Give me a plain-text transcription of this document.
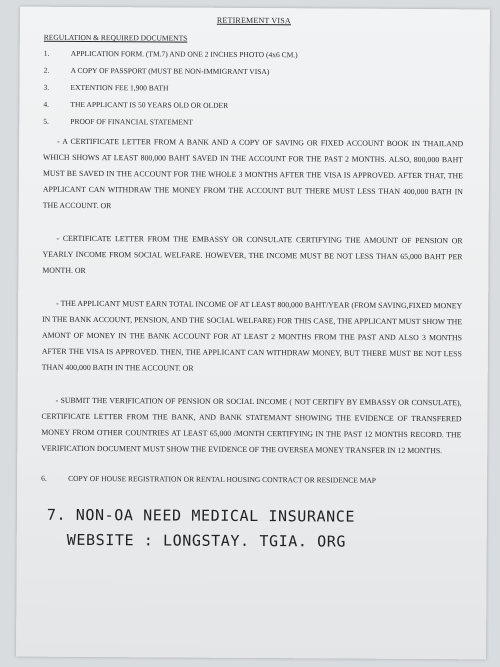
RETIREMENT VISA
REGULATION & REQUIRED DOCUMENTS
1.	APPLICATION FORM. (TM.7) AND ONE 2 INCHES PHOTO (4x6 CM.)
2.	A COPY OF PASSPORT (MUST BE NON-IMMIGRANT VISA)
3.	EXTENTION FEE 1,900 BATH
4.	THE APPLICANT IS 50 YEARS OLD OR OLDER
5.	PROOF OF FINANCIAL STATEMENT

- A CERTIFICATE LETTER FROM A BANK AND A COPY OF SAVING OR FIXED ACCOUNT BOOK IN THAILAND WHICH SHOWS AT LEAST 800,000 BAHT SAVED IN THE ACCOUNT FOR THE PAST 2 MONTHS. ALSO, 800,000 BAHT MUST BE SAVED IN THE ACCOUNT FOR THE WHOLE 3 MONTHS AFTER THE VISA IS APPROVED. AFTER THAT, THE APPLICANT CAN WITHDRAW THE MONEY FROM THE ACCOUNT BUT THERE MUST LESS THAN 400,000 BATH IN THE ACCOUNT. OR

- CERTIFICATE LETTER FROM THE EMBASSY OR CONSULATE CERTIFYING THE AMOUNT OF PENSION OR YEARLY INCOME FROM SOCIAL WELFARE. HOWEVER, THE INCOME MUST BE NOT LESS THAN 65,000 BAHT PER MONTH. OR

- THE APPLICANT MUST EARN TOTAL INCOME OF AT LEAST 800,000 BAHT/YEAR (FROM SAVING,FIXED MONEY IN THE BANK ACCOUNT, PENSION, AND THE SOCIAL WELFARE) FOR THIS CASE, THE APPLICANT MUST SHOW THE AMONT OF MONEY IN THE BANK ACCOUNT FOR AT LEAST 2 MONTHS FROM THE PAST AND ALSO 3 MONTHS AFTER THE VISA IS APPROVED. THEN, THE APPLICANT CAN WITHDRAW MONEY, BUT THERE MUST BE NOT LESS THAN 400,000 BATH IN THE ACCOUNT. OR

- SUBMIT THE VERIFICATION OF PENSION OR SOCIAL INCOME ( NOT CERTIFY BY EMBASSY OR CONSULATE), CERTIFICATE LETTER FROM THE BANK, AND BANK STATEMANT SHOWING THE EVIDENCE OF TRANSFERED MONEY FROM OTHER COUNTRIES AT LEAST 65,000 /MONTH CERTIFYING IN THE PAST 12 MONTHS RECORD. THE VERIFICATION DOCUMENT MUST SHOW THE EVIDENCE OF THE OVERSEA MONEY TRANSFER IN 12 MONTHS.

6.	COPY OF HOUSE REGISTRATION OR RENTAL HOUSING CONTRACT OR RESIDENCE MAP
7. NON-OA NEED MEDICAL INSURANCE
WEBSITE : LONGSTAY. TGIA. ORG
